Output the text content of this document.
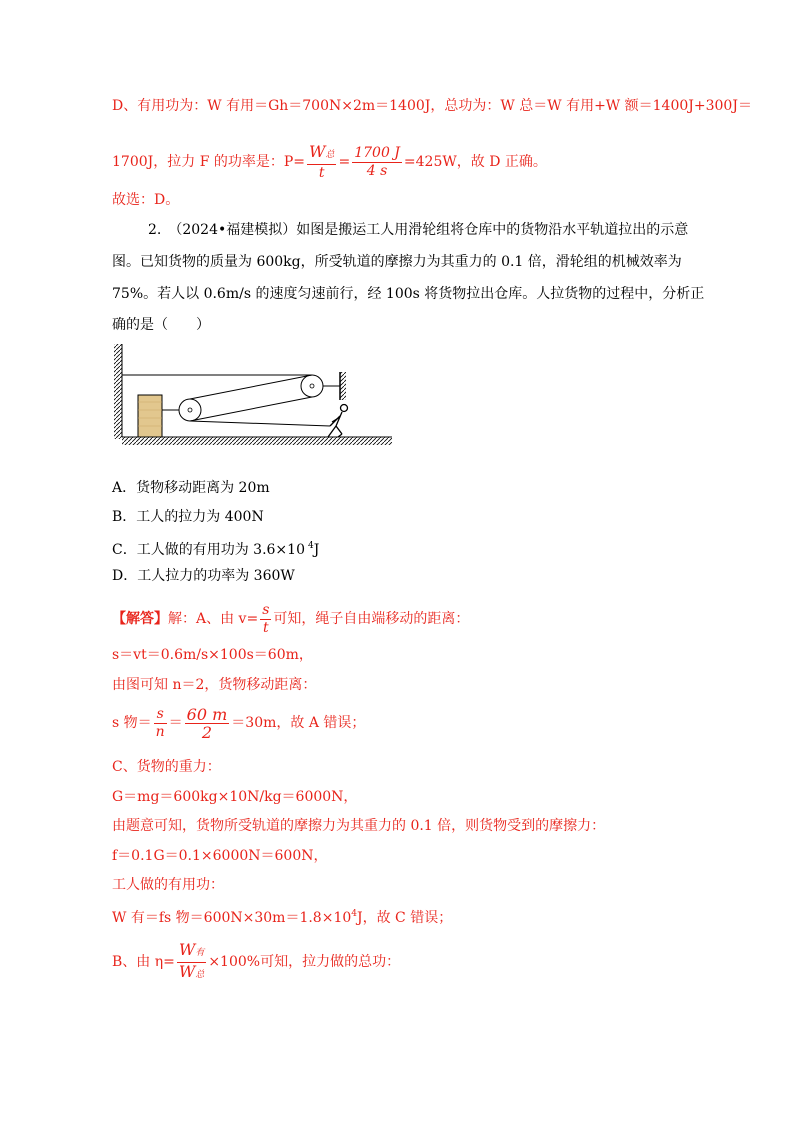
D、有用功为：W 有用＝Gh＝700N×2m＝1400J，总功为：W 总＝W 有用+W 额＝1400J+300J＝
1700J，拉力 F 的功率是：$P= \frac{\text{W总}}{t} = \frac{1700 J}{4 s} =425W$，故 D 正确。
故选：D。
2.　（2024•福建模拟）如图是搬运工人用滑轮组将仓库中的货物沿水平轨道拉出的示意
图。已知货物的质量为 600kg，所受轨道的摩擦力为其重力的 0.1 倍，滑轮组的机械效率为
75%。若人以 0.6m/s 的速度匀速前行，经 100s 将货物拉出仓库。人拉货物的过程中，分析正
确的是（　　）
A．货物移动距离为 20m
B．工人的拉力为 400N
C．工人做的有用功为 3.6×10 $^4$J
D．工人拉力的功率为 360W
【解答】解：A、由 $v= \frac{s}{t}$ 可知，绳子自由端移动的距离：
s＝vt＝0.6m/s×100s＝60m，
由图可知 n＝2，货物移动距离：
s 物＝ $\frac{s}{n} = \frac{60 m}{2} =30m$，故 A 错误；
C、货物的重力：
G＝mg＝600kg×10N/kg＝6000N，
由题意可知，货物所受轨道的摩擦力为其重力的 0.1 倍，则货物受到的摩擦力：
f＝0.1G＝0.1×6000N＝600N，
工人做的有用功：
W 有＝fs 物$=600N\times 30m=1.8\times 10^4J$，故 C 错误；
B、由 $\eta= \frac{\text{W有}}{\text{W总}} \times 100\%$可知，拉力做的总功：
